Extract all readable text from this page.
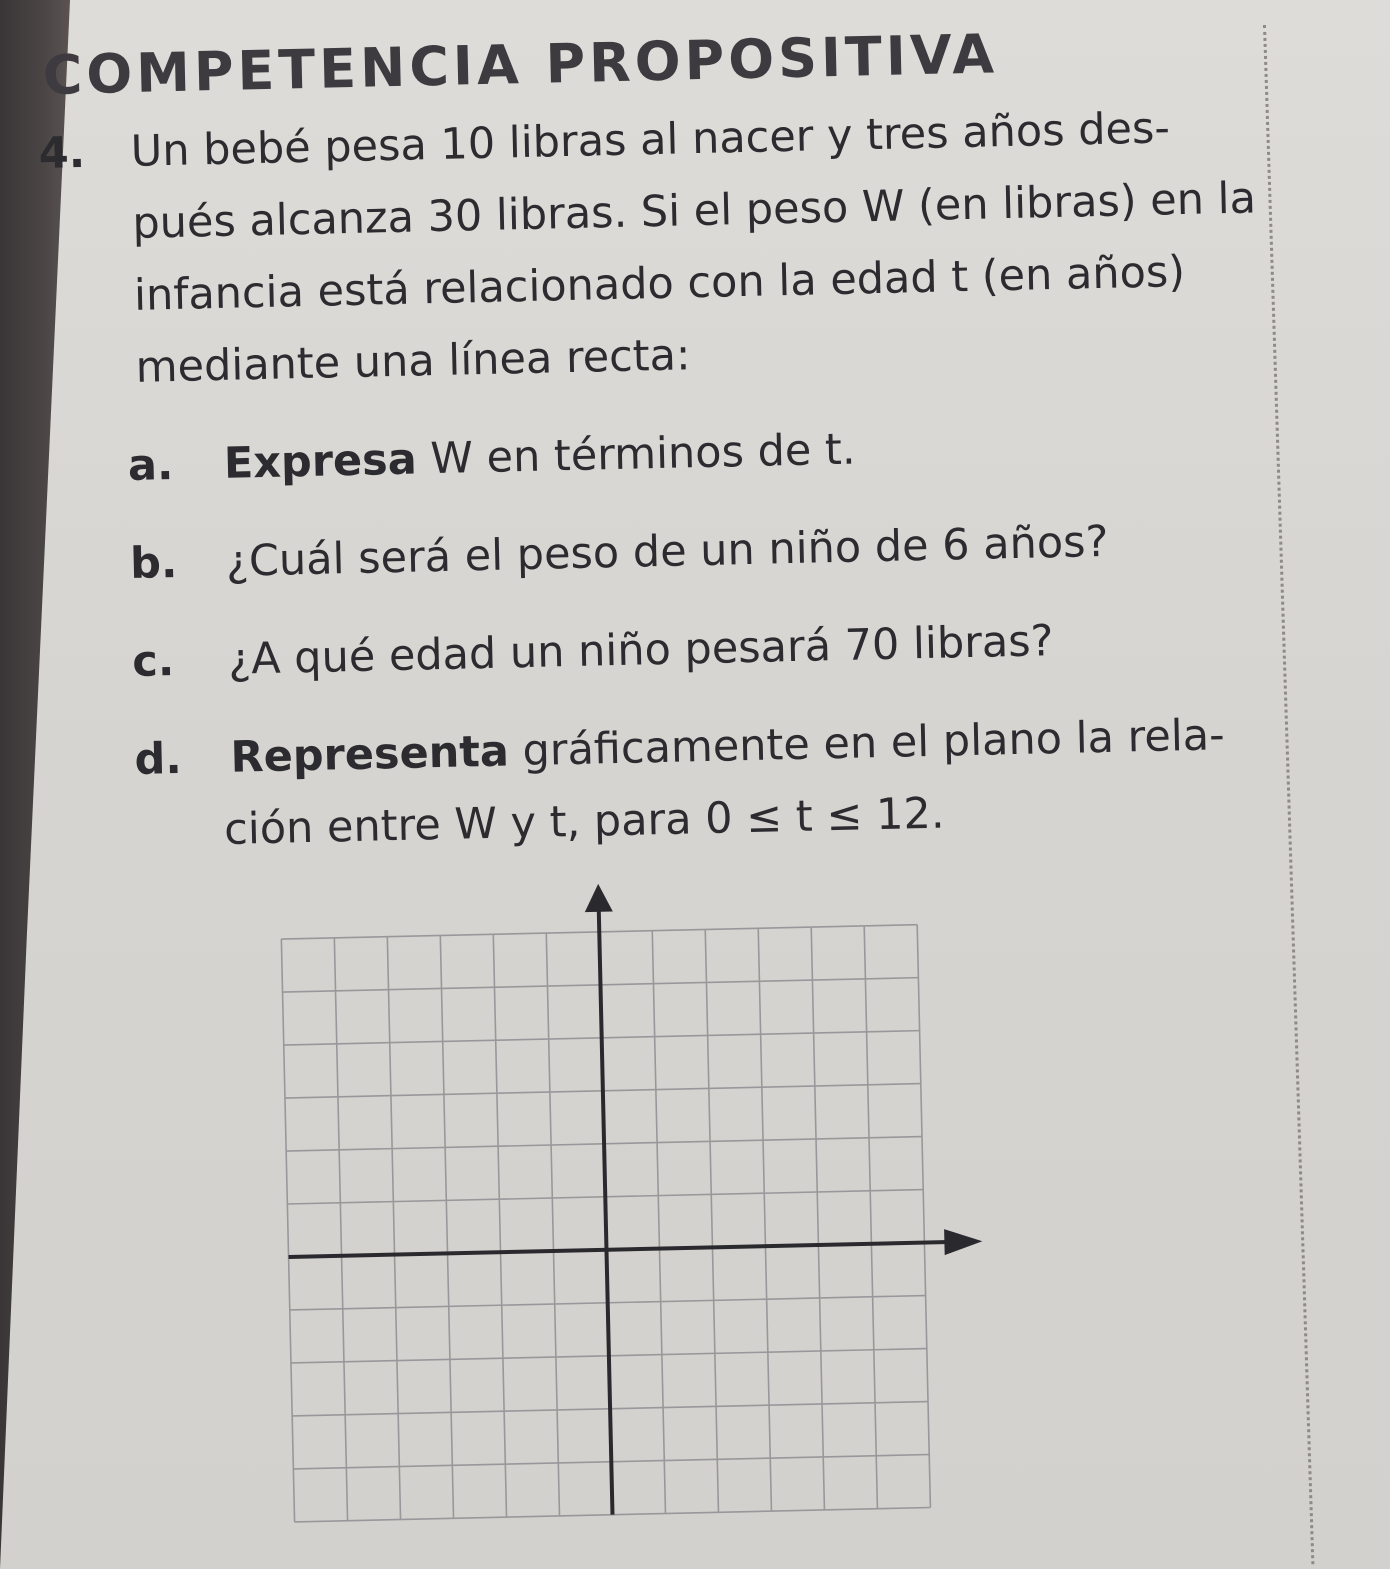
COMPETENCIA PROPOSITIVA

4. Un bebé pesa 10 libras al nacer y tres años des-

pués alcanza 30 libras. Si el peso W (en libras) en la

infancia está relacionado con la edad t (en años)

mediante una línea recta:

a. Expresa W en términos de t.

b. ¿Cuál será el peso de un niño de 6 años?

c. ¿A qué edad un niño pesará 70 libras?

d. Representa gráficamente en el plano la rela-

ción entre W y t, para 0 ≤ t ≤ 12.
